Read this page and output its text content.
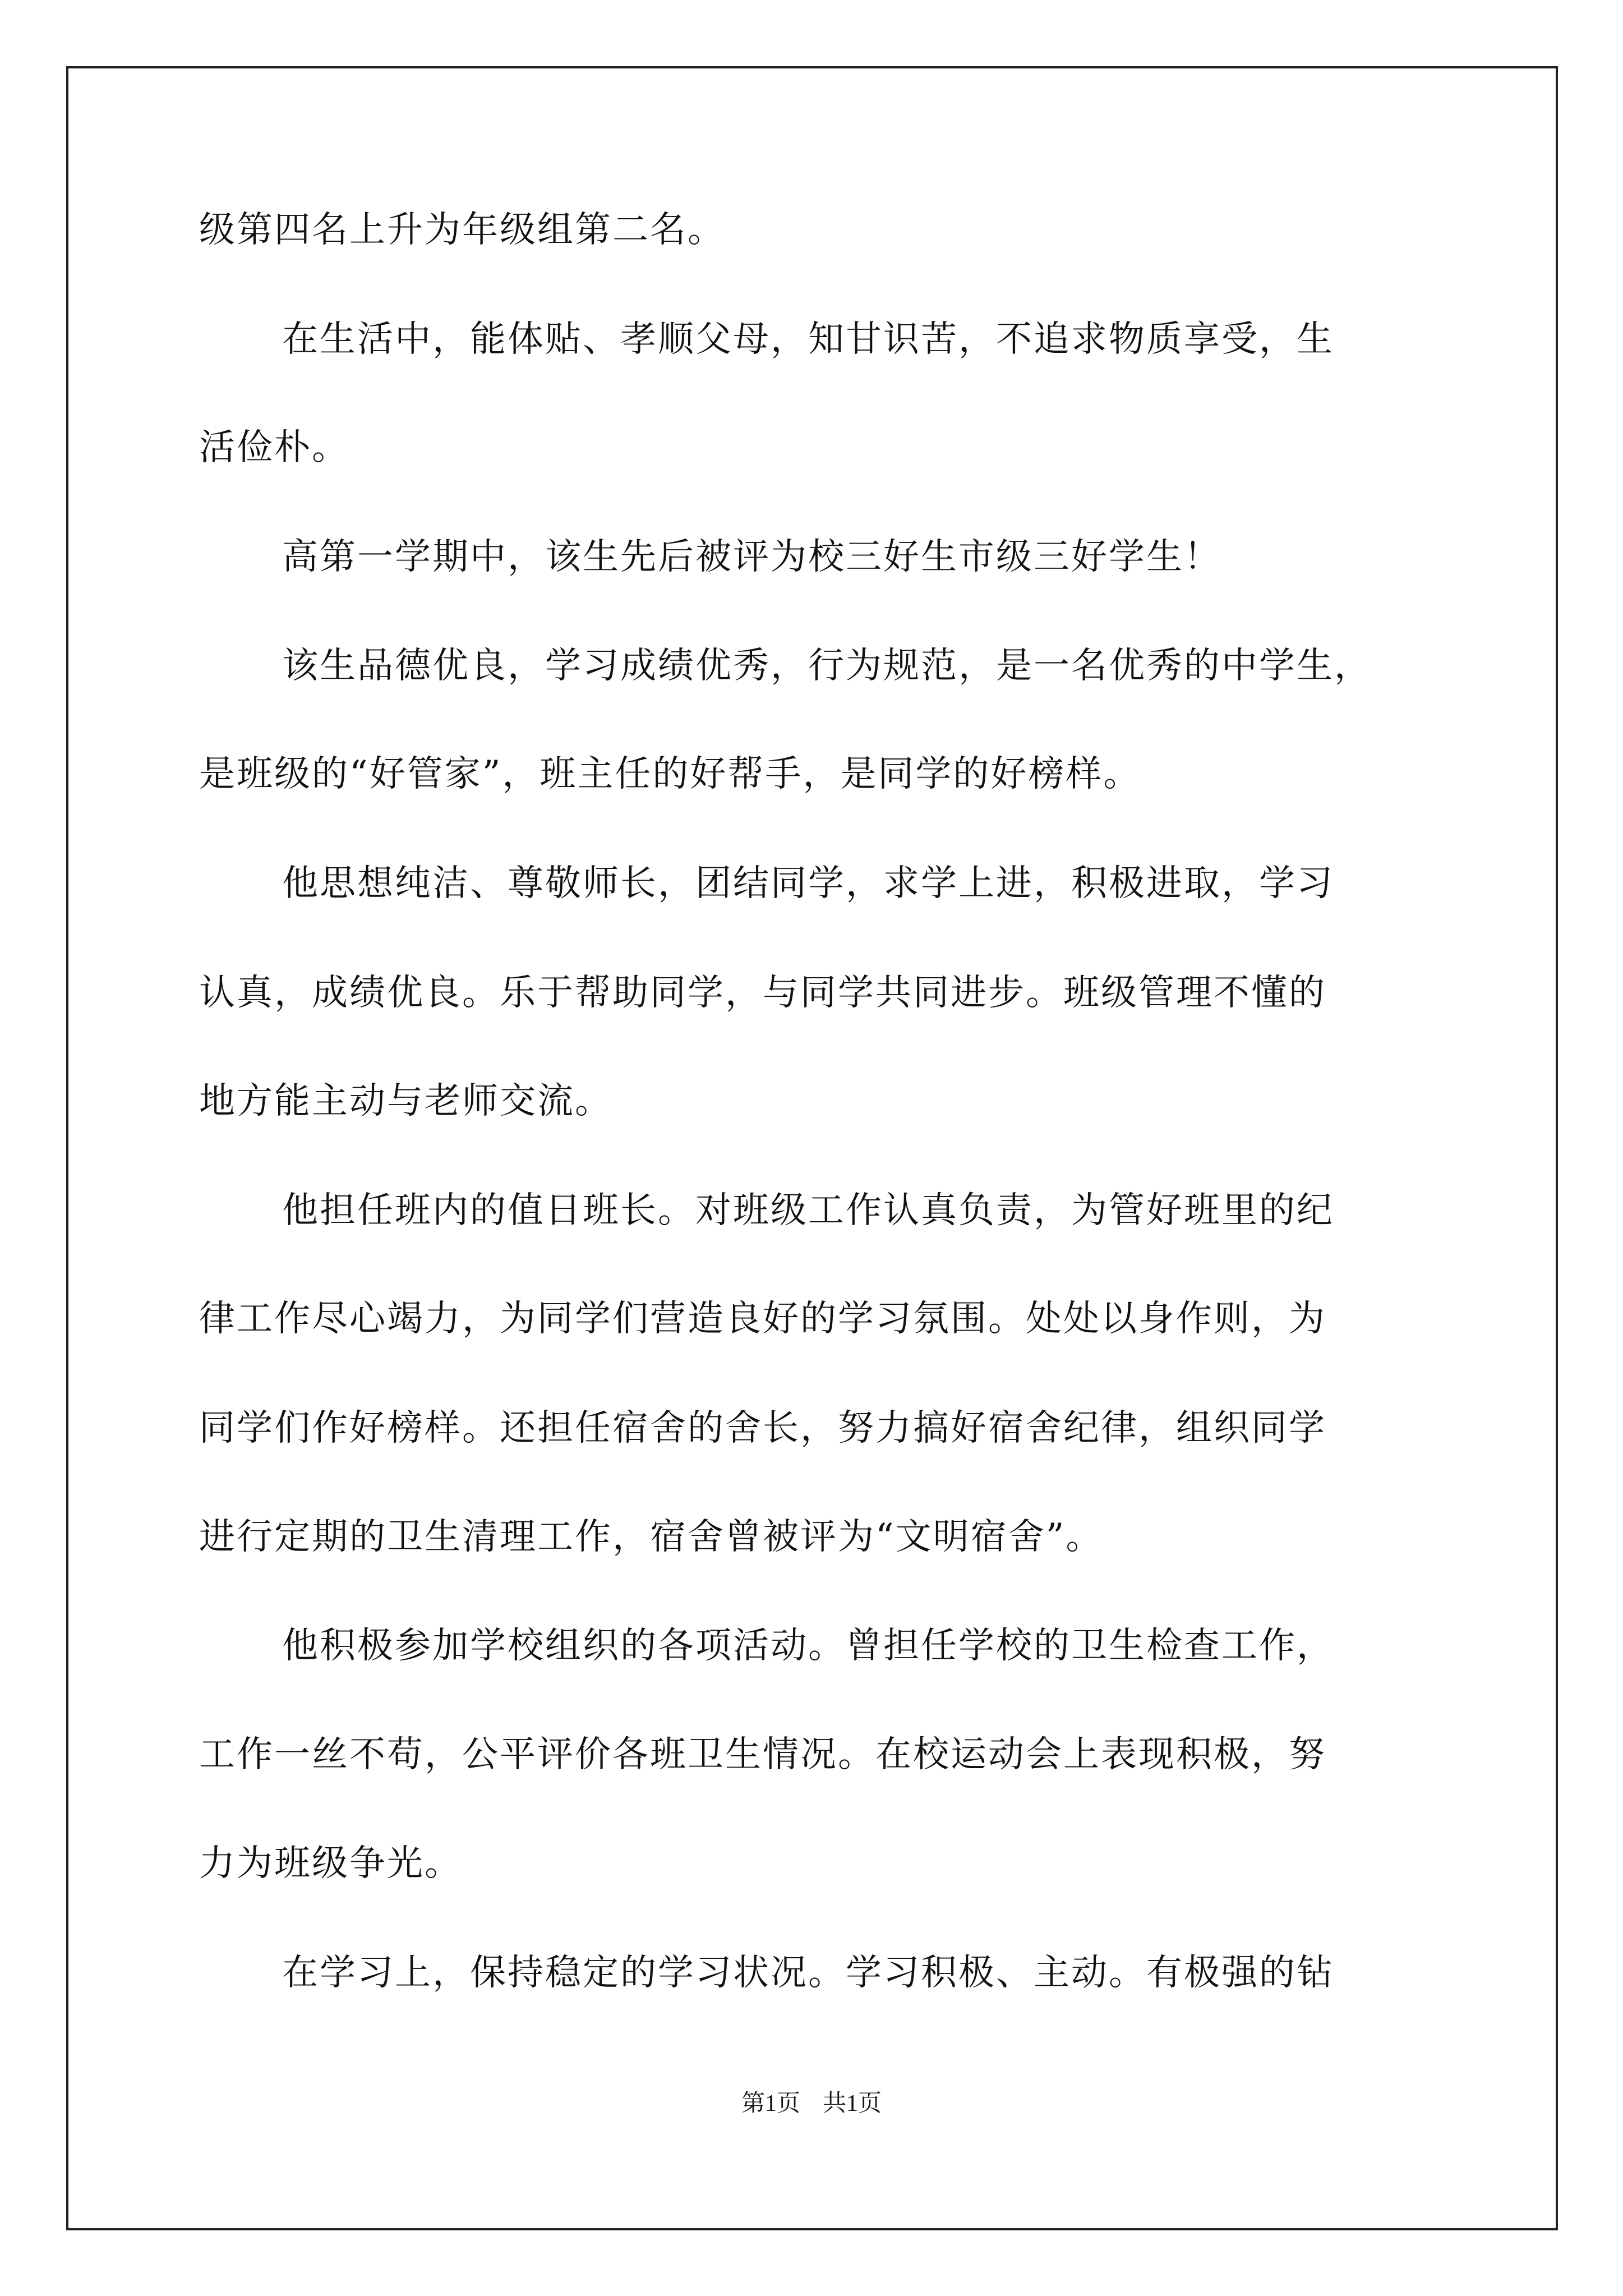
级第四名上升为年级组第二名。
在生活中，能体贴、孝顺父母，知甘识苦，不追求物质享受，生
活俭朴。
高第一学期中，该生先后被评为校三好生市级三好学生！
该生品德优良，学习成绩优秀，行为规范，是一名优秀的中学生，
是班级的“好管家”，班主任的好帮手，是同学的好榜样。
他思想纯洁、尊敬师长，团结同学，求学上进，积极进取，学习
认真，成绩优良。乐于帮助同学，与同学共同进步。班级管理不懂的
地方能主动与老师交流。
他担任班内的值日班长。对班级工作认真负责，为管好班里的纪
律工作尽心竭力，为同学们营造良好的学习氛围。处处以身作则，为
同学们作好榜样。还担任宿舍的舍长，努力搞好宿舍纪律，组织同学
进行定期的卫生清理工作，宿舍曾被评为“文明宿舍”。
他积极参加学校组织的各项活动。曾担任学校的卫生检查工作，
工作一丝不苟，公平评价各班卫生情况。在校运动会上表现积极，努
力为班级争光。
在学习上，保持稳定的学习状况。学习积极、主动。有极强的钻
第1页 共1页
